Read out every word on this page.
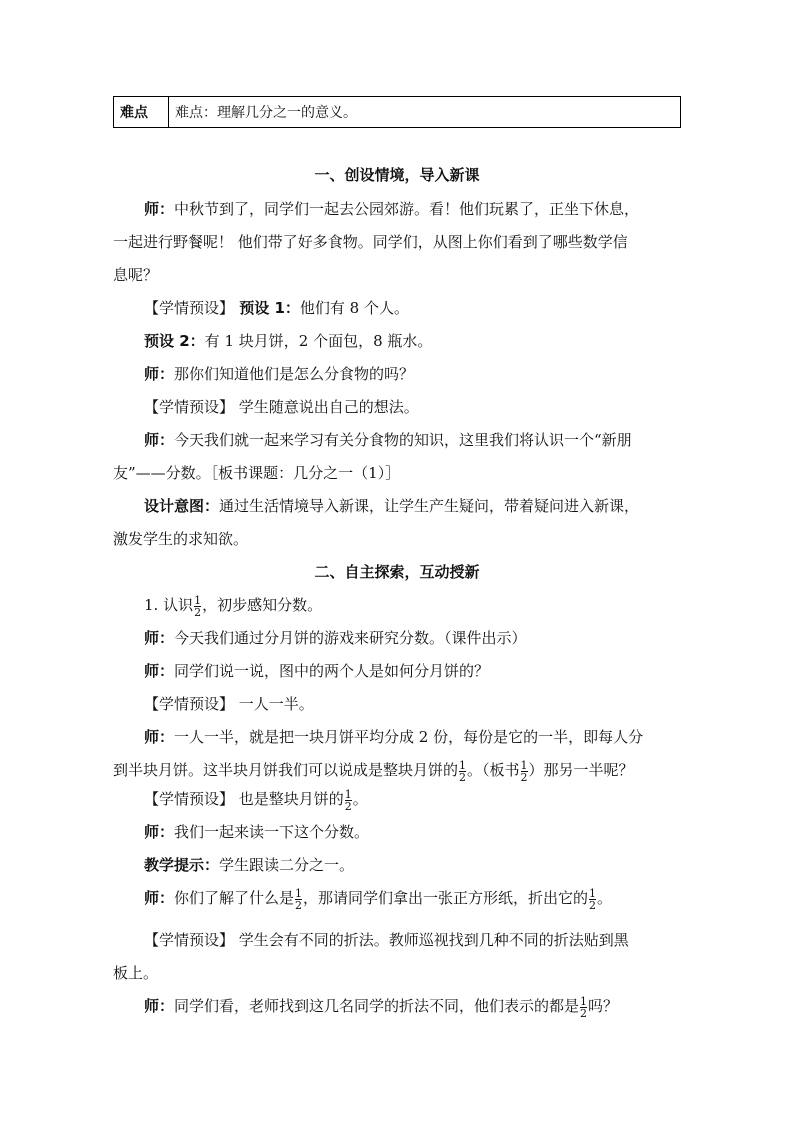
难点	难点：理解几分之一的意义。
一、创设情境，导入新课
师：中秋节到了，同学们一起去公园郊游。看！他们玩累了，正坐下休息，
一起进行野餐呢！ 他们带了好多食物。同学们，从图上你们看到了哪些数学信
息呢？
【学情预设】 预设 1：他们有 8 个人。
预设 2：有 1 块月饼，2 个面包，8 瓶水。
师：那你们知道他们是怎么分食物的吗？
【学情预设】 学生随意说出自己的想法。
师：今天我们就一起来学习有关分食物的知识，这里我们将认识一个“新朋
友”——分数。［板书课题：几分之一（1）］
设计意图：通过生活情境导入新课，让学生产生疑问，带着疑问进入新课，
激发学生的求知欲。
二、自主探索，互动授新
1. 认识 $\frac{1}{2}$ ，初步感知分数。
师：今天我们通过分月饼的游戏来研究分数。（课件出示）
师：同学们说一说，图中的两个人是如何分月饼的？
【学情预设】 一人一半。
师：一人一半，就是把一块月饼平均分成 2 份，每份是它的一半，即每人分
到半块月饼。这半块月饼我们可以说成是整块月饼的 $\frac{1}{2}$ 。（板书 $\frac{1}{2}$ ）那另一半呢？
【学情预设】 也是整块月饼的 $\frac{1}{2}$ 。
师：我们一起来读一下这个分数。
教学提示：学生跟读二分之一。
师：你们了解了什么是 $\frac{1}{2}$ ，那请同学们拿出一张正方形纸，折出它的 $\frac{1}{2}$ 。
【学情预设】 学生会有不同的折法。教师巡视找到几种不同的折法贴到黑
板上。
师：同学们看，老师找到这几名同学的折法不同，他们表示的都是 $\frac{1}{2}$ 吗？
